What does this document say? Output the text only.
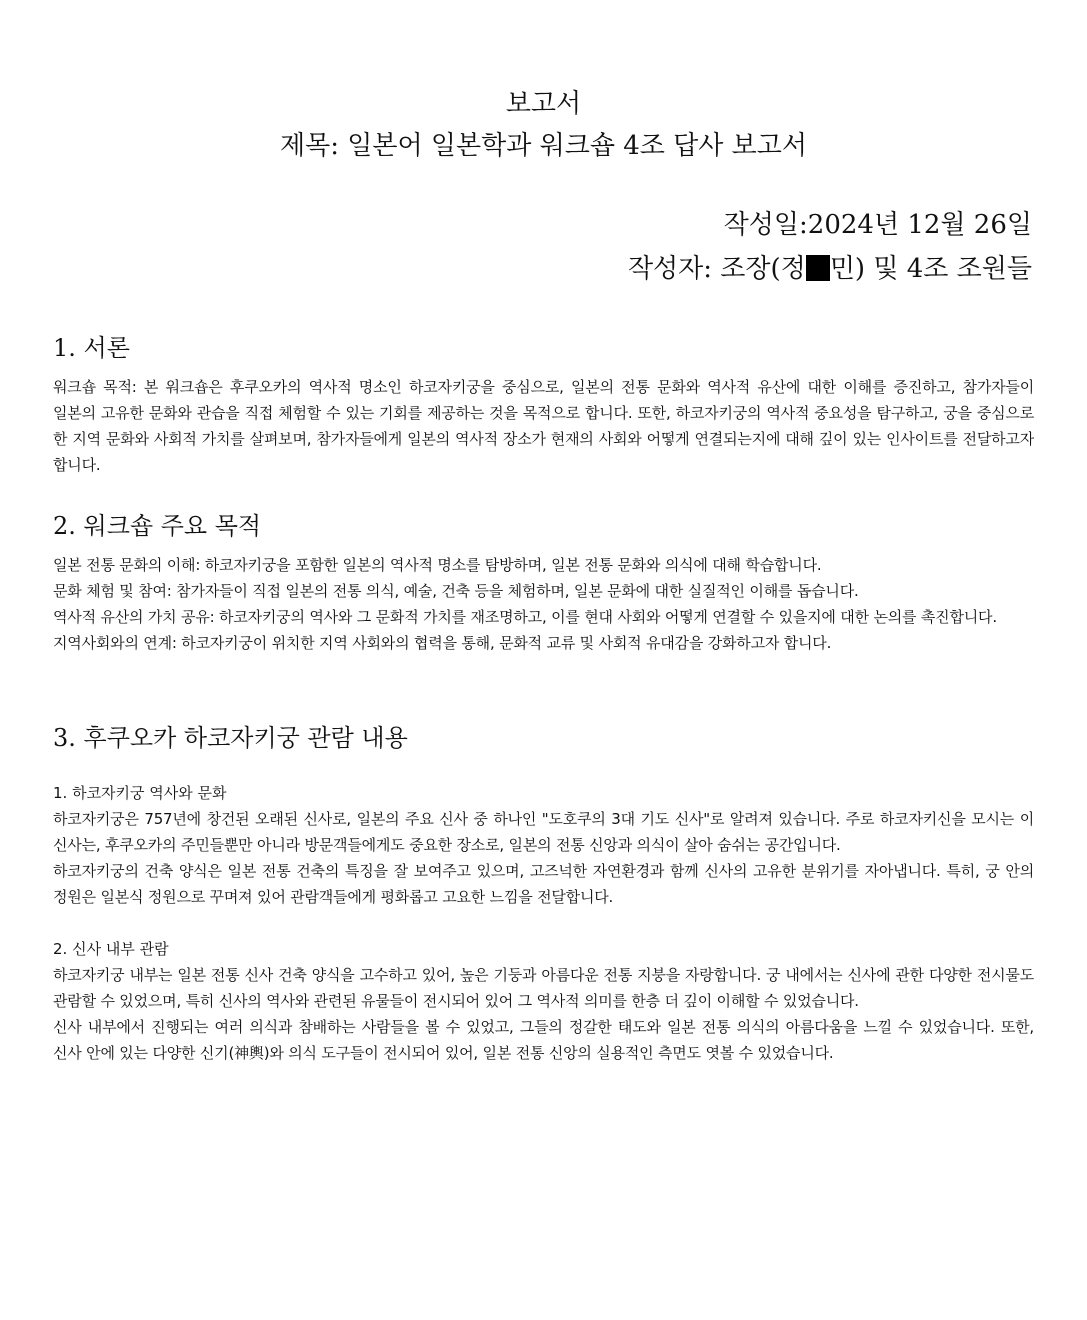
보고서
제목: 일본어 일본학과 워크숍 4조 답사 보고서
작성일:2024년 12월 26일
작성자: 조장(정 민) 및 4조 조원들
1. 서론

워크숍 목적: 본 워크숍은 후쿠오카의 역사적 명소인 하코자키궁을 중심으로, 일본의 전통 문화와 역사적 유산에 대한 이해를 증진하고, 참가자들이 일본의 고유한 문화와 관습을 직접 체험할 수 있는 기회를 제공하는 것을 목적으로 합니다. 또한, 하코자키궁의 역사적 중요성을 탐구하고, 궁을 중심으로 한 지역 문화와 사회적 가치를 살펴보며, 참가자들에게 일본의 역사적 장소가 현재의 사회와 어떻게 연결되는지에 대해 깊이 있는 인사이트를 전달하고자 합니다.

2. 워크숍 주요 목적

일본 전통 문화의 이해: 하코자키궁을 포함한 일본의 역사적 명소를 탐방하며, 일본 전통 문화와 의식에 대해 학습합니다.

문화 체험 및 참여: 참가자들이 직접 일본의 전통 의식, 예술, 건축 등을 체험하며, 일본 문화에 대한 실질적인 이해를 돕습니다.

역사적 유산의 가치 공유: 하코자키궁의 역사와 그 문화적 가치를 재조명하고, 이를 현대 사회와 어떻게 연결할 수 있을지에 대한 논의를 촉진합니다.

지역사회와의 연계: 하코자키궁이 위치한 지역 사회와의 협력을 통해, 문화적 교류 및 사회적 유대감을 강화하고자 합니다.

3. 후쿠오카 하코자키궁 관람 내용

1. 하코자키궁 역사와 문화

하코자키궁은 757년에 창건된 오래된 신사로, 일본의 주요 신사 중 하나인 "도호쿠의 3대 기도 신사"로 알려져 있습니다. 주로 하코자키신을 모시는 이 신사는, 후쿠오카의 주민들뿐만 아니라 방문객들에게도 중요한 장소로, 일본의 전통 신앙과 의식이 살아 숨쉬는 공간입니다.

하코자키궁의 건축 양식은 일본 전통 건축의 특징을 잘 보여주고 있으며, 고즈넉한 자연환경과 함께 신사의 고유한 분위기를 자아냅니다. 특히, 궁 안의 정원은 일본식 정원으로 꾸며져 있어 관람객들에게 평화롭고 고요한 느낌을 전달합니다.

2. 신사 내부 관람

하코자키궁 내부는 일본 전통 신사 건축 양식을 고수하고 있어, 높은 기둥과 아름다운 전통 지붕을 자랑합니다. 궁 내에서는 신사에 관한 다양한 전시물도 관람할 수 있었으며, 특히 신사의 역사와 관련된 유물들이 전시되어 있어 그 역사적 의미를 한층 더 깊이 이해할 수 있었습니다.

신사 내부에서 진행되는 여러 의식과 참배하는 사람들을 볼 수 있었고, 그들의 정갈한 태도와 일본 전통 의식의 아름다움을 느낄 수 있었습니다. 또한, 신사 안에 있는 다양한 신기(神輿)와 의식 도구들이 전시되어 있어, 일본 전통 신앙의 실용적인 측면도 엿볼 수 있었습니다.
